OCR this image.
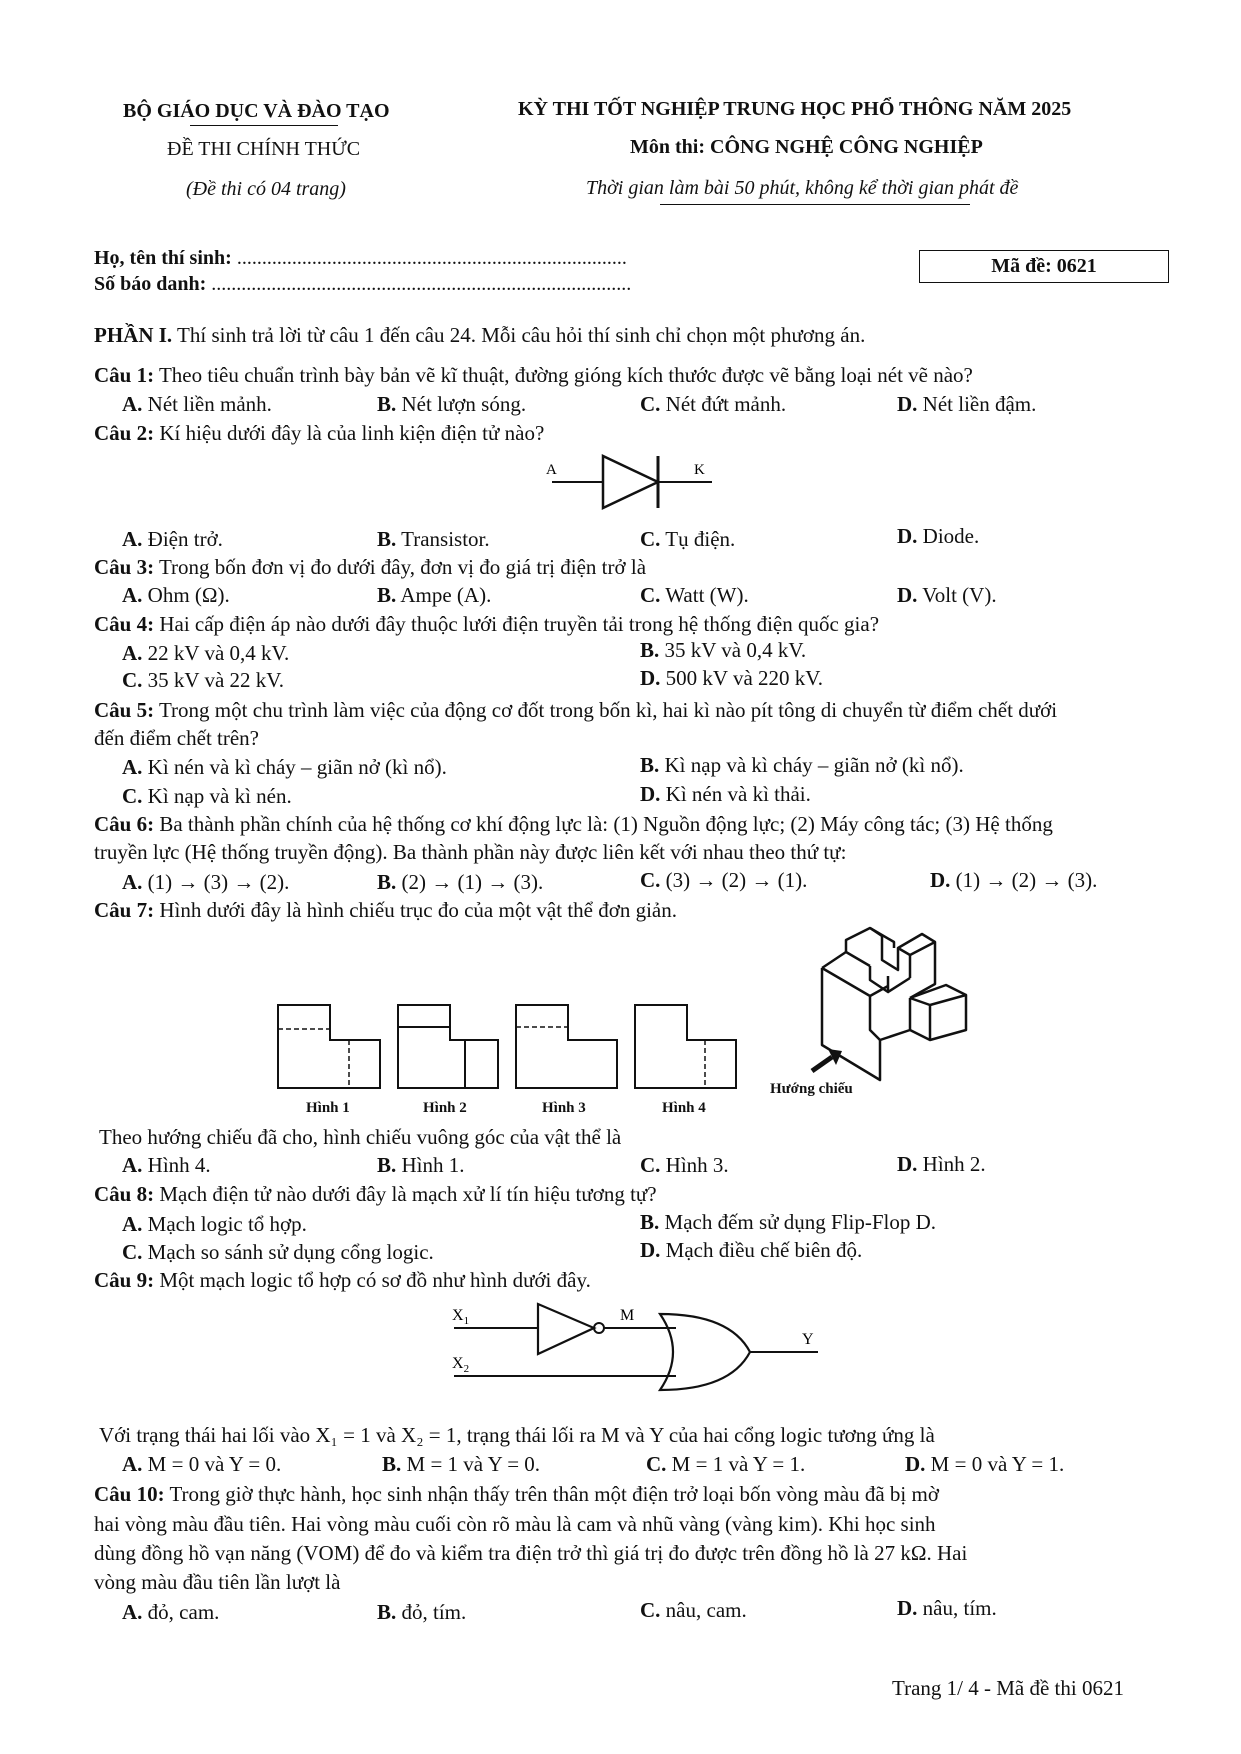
BỘ GIÁO DỤC VÀ ĐÀO TẠO
ĐỀ THI CHÍNH THỨC
(Đề thi có 04 trang)
KỲ THI TỐT NGHIỆP TRUNG HỌC PHỔ THÔNG NĂM 2025
Môn thi: CÔNG NGHỆ CÔNG NGHIỆP
Thời gian làm bài 50 phút, không kể thời gian phát đề
Họ, tên thí sinh: ..............................................................................
Số báo danh: ....................................................................................
Mã đề: 0621
PHẦN I. Thí sinh trả lời từ câu 1 đến câu 24. Mỗi câu hỏi thí sinh chỉ chọn một phương án.
Câu 1: Theo tiêu chuẩn trình bày bản vẽ kĩ thuật, đường gióng kích thước được vẽ bằng loại nét vẽ nào?
A. Nét liền mảnh.	B. Nét lượn sóng.	C. Nét đứt mảnh.	D. Nét liền đậm.
Câu 2: Kí hiệu dưới đây là của linh kiện điện tử nào?
A	K
A. Điện trở.	B. Transistor.	C. Tụ điện.	D. Diode.
Câu 3: Trong bốn đơn vị đo dưới đây, đơn vị đo giá trị điện trở là
A. Ohm (Ω).	B. Ampe (A).	C. Watt (W).	D. Volt (V).
Câu 4: Hai cấp điện áp nào dưới đây thuộc lưới điện truyền tải trong hệ thống điện quốc gia?
A. 22 kV và 0,4 kV.	B. 35 kV và 0,4 kV.
C. 35 kV và 22 kV.	D. 500 kV và 220 kV.
Câu 5: Trong một chu trình làm việc của động cơ đốt trong bốn kì, hai kì nào pít tông di chuyển từ điểm chết dưới
đến điểm chết trên?
A. Kì nén và kì cháy – giãn nở (kì nổ).	B. Kì nạp và kì cháy – giãn nở (kì nổ).
C. Kì nạp và kì nén.	D. Kì nén và kì thải.
Câu 6: Ba thành phần chính của hệ thống cơ khí động lực là: (1) Nguồn động lực; (2) Máy công tác; (3) Hệ thống
truyền lực (Hệ thống truyền động). Ba thành phần này được liên kết với nhau theo thứ tự:
A. (1) → (3) → (2).	B. (2) → (1) → (3).	C. (3) → (2) → (1).	D. (1) → (2) → (3).
Câu 7: Hình dưới đây là hình chiếu trục đo của một vật thể đơn giản.
Hình 1	Hình 2	Hình 3	Hình 4
Hướng chiếu
Theo hướng chiếu đã cho, hình chiếu vuông góc của vật thể là
A. Hình 4.	B. Hình 1.	C. Hình 3.	D. Hình 2.
Câu 8: Mạch điện tử nào dưới đây là mạch xử lí tín hiệu tương tự?
A. Mạch logic tổ hợp.	B. Mạch đếm sử dụng Flip-Flop D.
C. Mạch so sánh sử dụng cổng logic.	D. Mạch điều chế biên độ.
Câu 9: Một mạch logic tổ hợp có sơ đồ như hình dưới đây.
$X_1$
$X_2$
M
Y
Với trạng thái hai lối vào X₁ = 1 và X₂ = 1, trạng thái lối ra M và Y của hai cổng logic tương ứng là
A. M = 0 và Y = 0.	B. M = 1 và Y = 0.	C. M = 1 và Y = 1.	D. M = 0 và Y = 1.
Câu 10: Trong giờ thực hành, học sinh nhận thấy trên thân một điện trở loại bốn vòng màu đã bị mờ
hai vòng màu đầu tiên. Hai vòng màu cuối còn rõ màu là cam và nhũ vàng (vàng kim). Khi học sinh
dùng đồng hồ vạn năng (VOM) để đo và kiểm tra điện trở thì giá trị đo được trên đồng hồ là 27 kΩ. Hai
vòng màu đầu tiên lần lượt là
A. đỏ, cam.	B. đỏ, tím.	C. nâu, cam.	D. nâu, tím.
Trang 1/ 4 - Mã đề thi 0621
